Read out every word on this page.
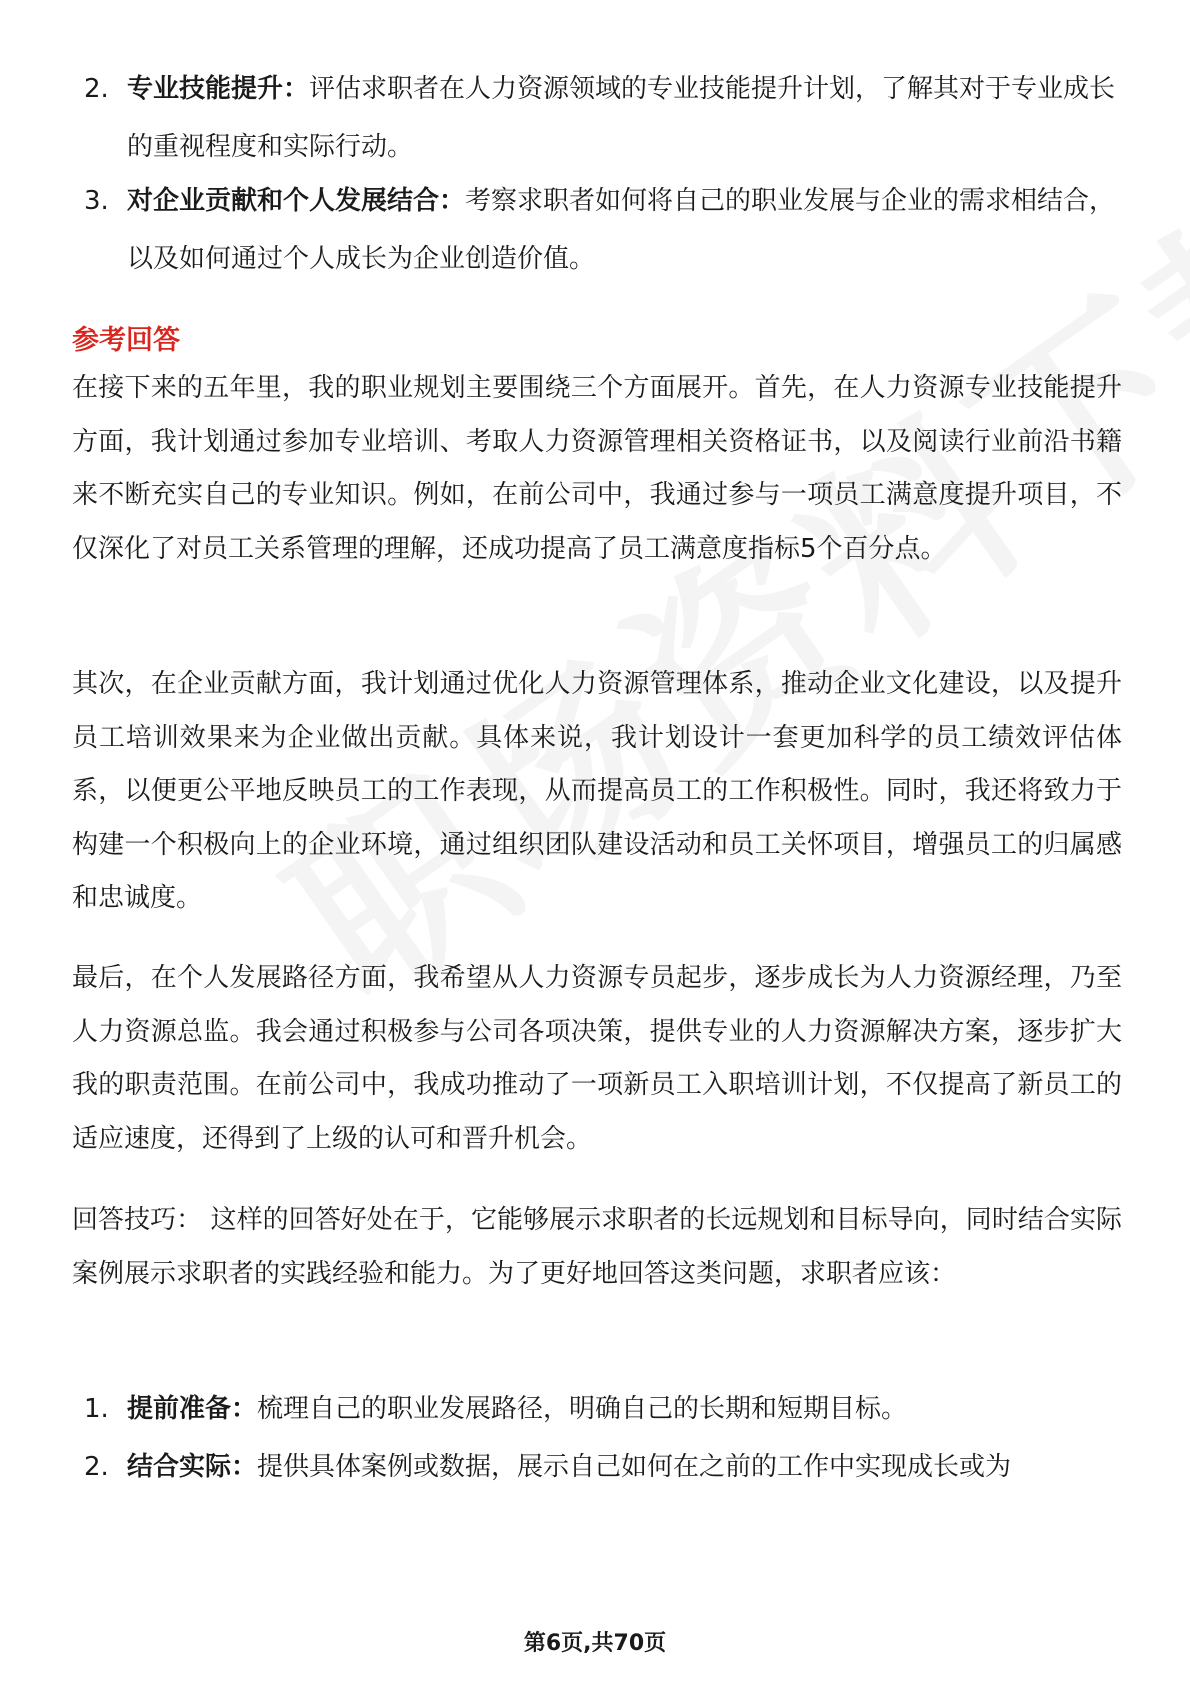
2. 专业技能提升：评估求职者在人力资源领域的专业技能提升计划，了解其对于专业成长的重视程度和实际行动。
3. 对企业贡献和个人发展结合：考察求职者如何将自己的职业发展与企业的需求相结合，以及如何通过个人成长为企业创造价值。
参考回答
在接下来的五年里，我的职业规划主要围绕三个方面展开。首先，在人力资源专业技能提升方面，我计划通过参加专业培训、考取人力资源管理相关资格证书，以及阅读行业前沿书籍来不断充实自己的专业知识。例如，在前公司中，我通过参与一项员工满意度提升项目，不仅深化了对员工关系管理的理解，还成功提高了员工满意度指标5个百分点。
其次，在企业贡献方面，我计划通过优化人力资源管理体系，推动企业文化建设，以及提升员工培训效果来为企业做出贡献。具体来说，我计划设计一套更加科学的员工绩效评估体系，以便更公平地反映员工的工作表现，从而提高员工的工作积极性。同时，我还将致力于构建一个积极向上的企业环境，通过组织团队建设活动和员工关怀项目，增强员工的归属感和忠诚度。
最后，在个人发展路径方面，我希望从人力资源专员起步，逐步成长为人力资源经理，乃至人力资源总监。我会通过积极参与公司各项决策，提供专业的人力资源解决方案，逐步扩大我的职责范围。在前公司中，我成功推动了一项新员工入职培训计划，不仅提高了新员工的适应速度，还得到了上级的认可和晋升机会。
回答技巧： 这样的回答好处在于，它能够展示求职者的长远规划和目标导向，同时结合实际案例展示求职者的实践经验和能力。为了更好地回答这类问题，求职者应该：
1. 提前准备：梳理自己的职业发展路径，明确自己的长期和短期目标。
2. 结合实际：提供具体案例或数据，展示自己如何在之前的工作中实现成长或为
第6页,共70页
